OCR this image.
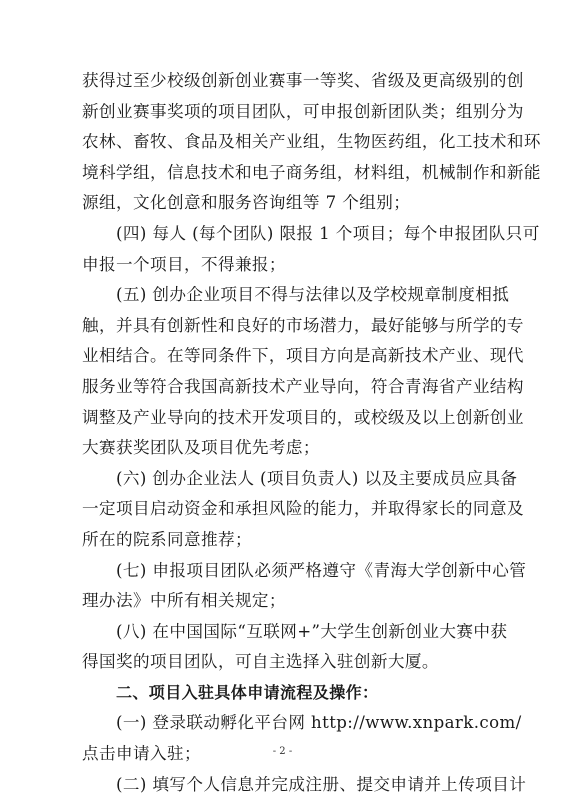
获得过至少校级创新创业赛事一等奖、省级及更高级别的创
新创业赛事奖项的项目团队，可申报创新团队类；组别分为
农林、畜牧、食品及相关产业组，生物医药组，化工技术和环
境科学组，信息技术和电子商务组，材料组，机械制作和新能
源组，文化创意和服务咨询组等 7 个组别；
(四) 每人 (每个团队) 限报 1 个项目；每个申报团队只可
申报一个项目，不得兼报；
(五) 创办企业项目不得与法律以及学校规章制度相抵
触，并具有创新性和良好的市场潜力，最好能够与所学的专
业相结合。在等同条件下，项目方向是高新技术产业、现代
服务业等符合我国高新技术产业导向，符合青海省产业结构
调整及产业导向的技术开发项目的，或校级及以上创新创业
大赛获奖团队及项目优先考虑；
(六) 创办企业法人 (项目负责人) 以及主要成员应具备
一定项目启动资金和承担风险的能力，并取得家长的同意及
所在的院系同意推荐；
(七) 申报项目团队必须严格遵守《青海大学创新中心管
理办法》中所有相关规定；
(八) 在中国国际“互联网+”大学生创新创业大赛中获
得国奖的项目团队，可自主选择入驻创新大厦。
二、项目入驻具体申请流程及操作：
(一) 登录联动孵化平台网 http://www.xnpark.com/
点击申请入驻；
(二) 填写个人信息并完成注册、提交申请并上传项目计
- 2 -
